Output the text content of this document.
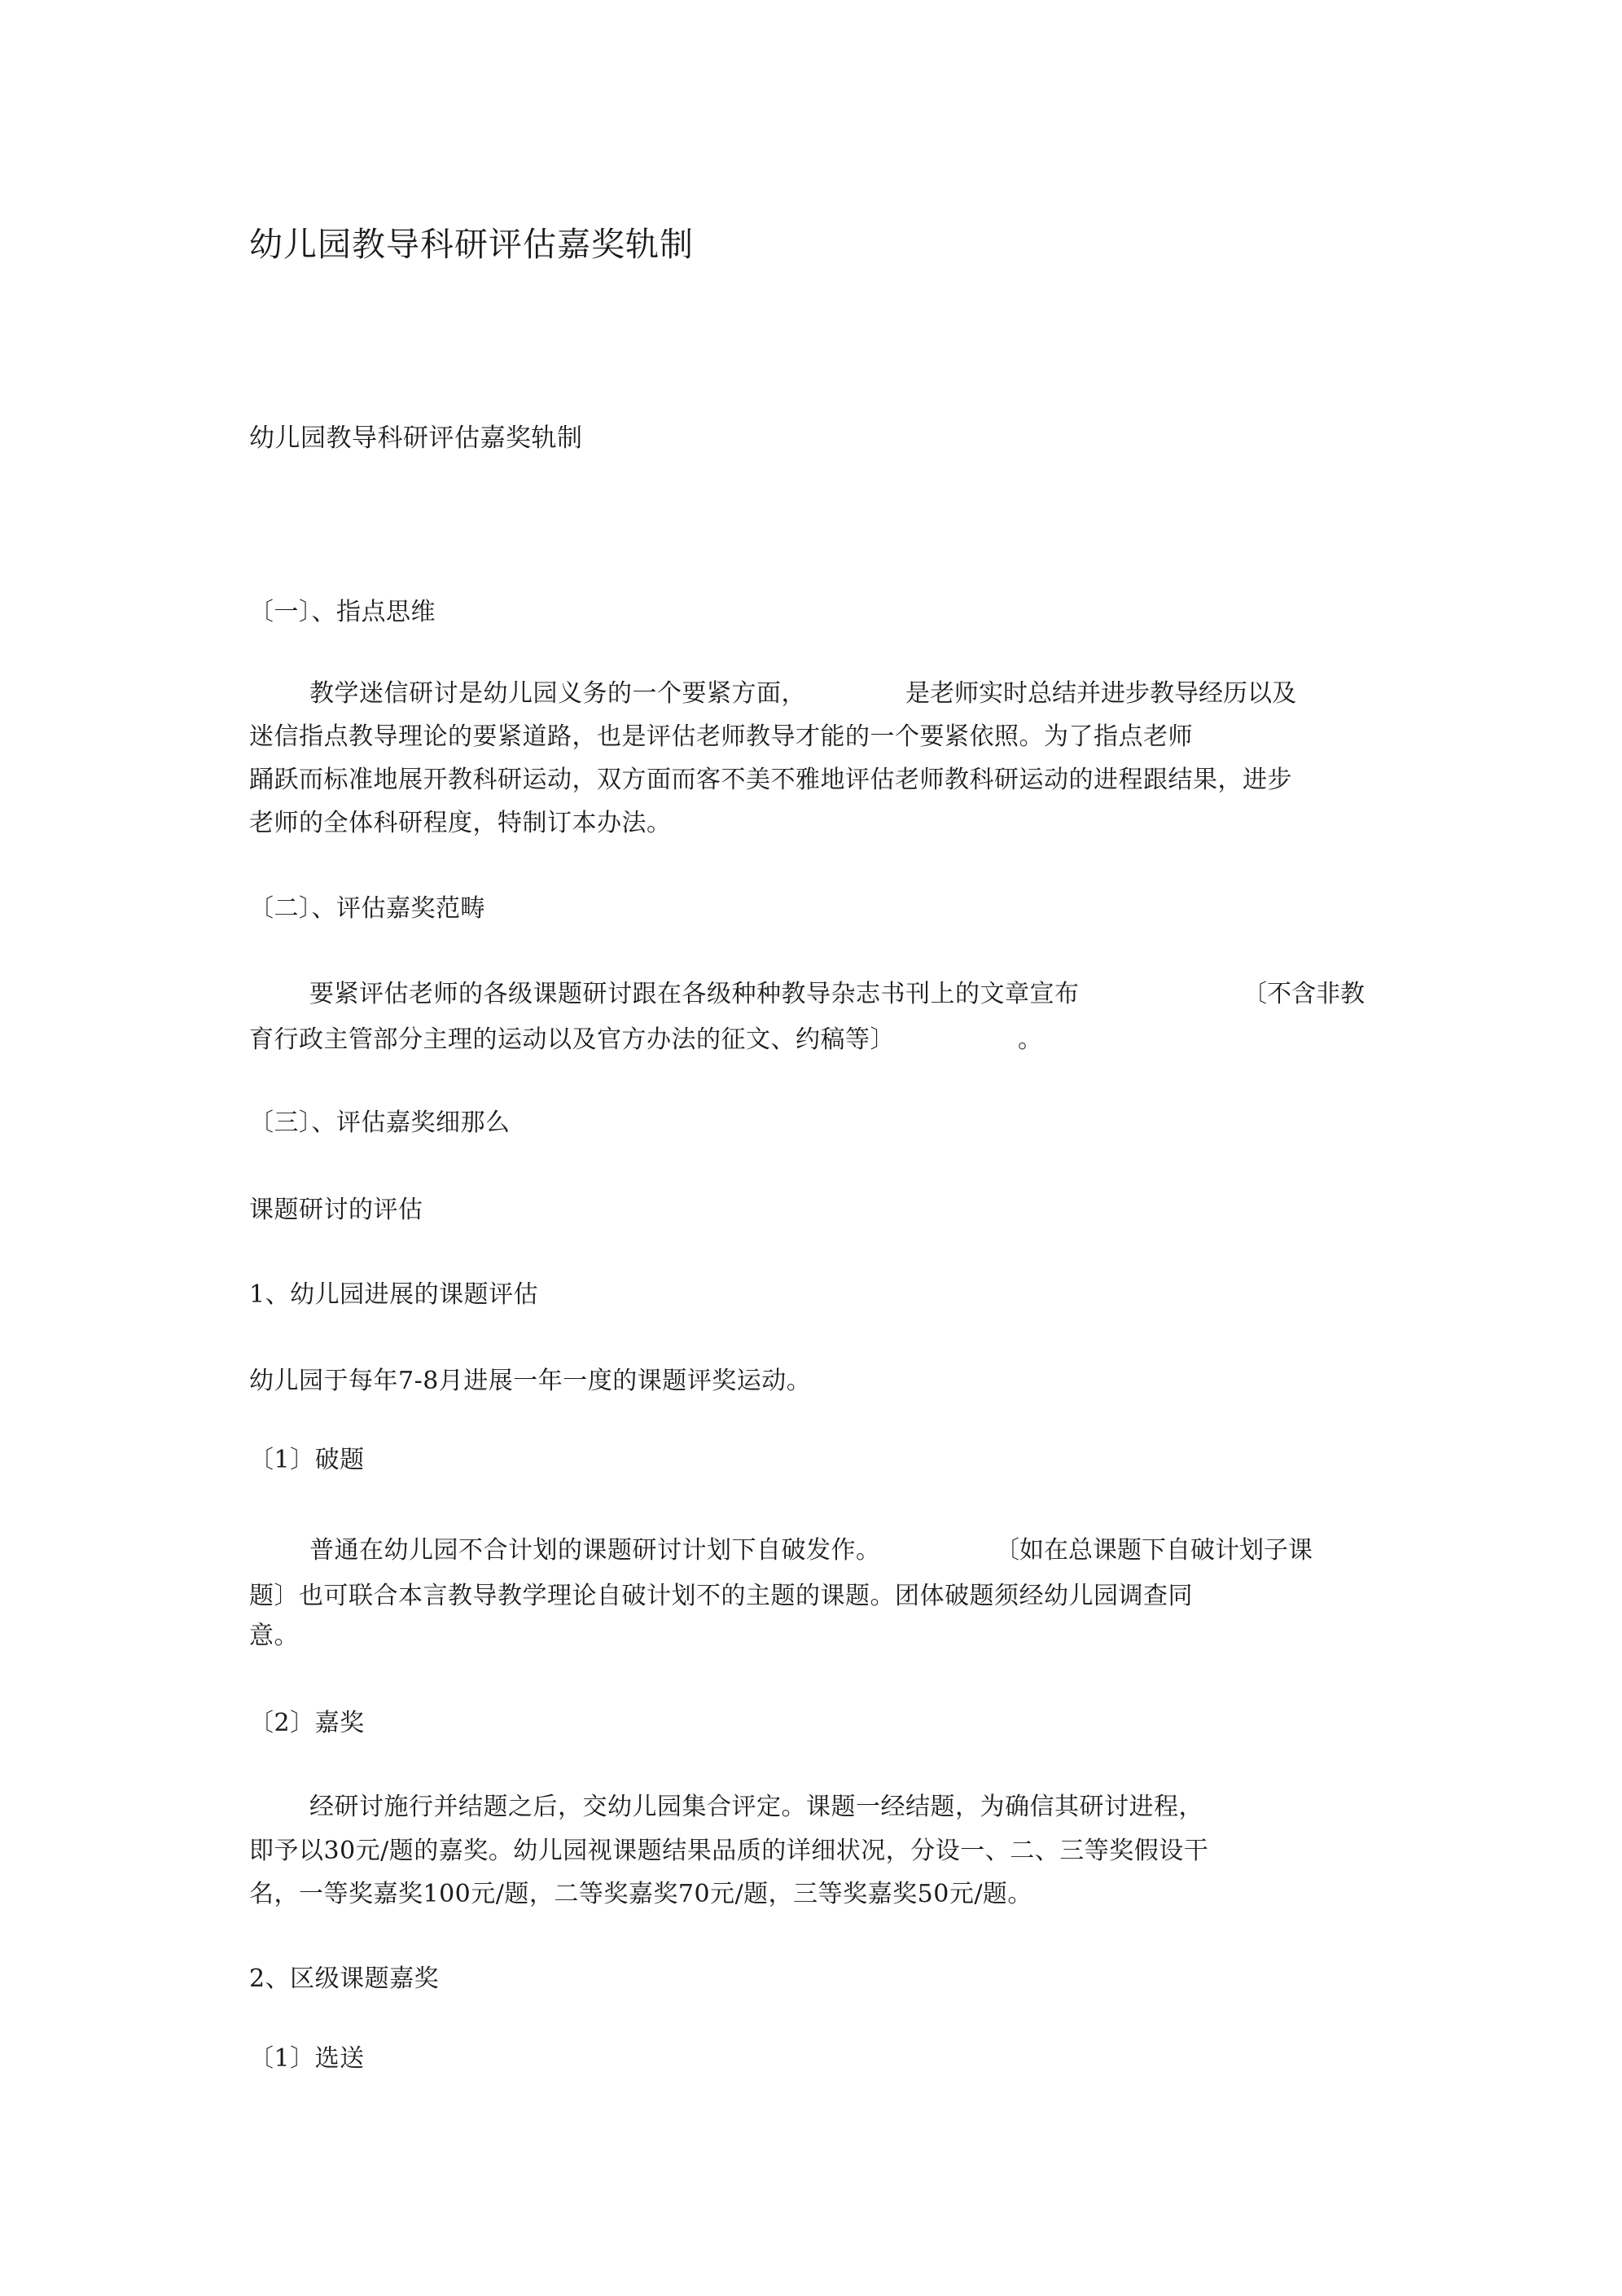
幼儿园教导科研评估嘉奖轨制
幼儿园教导科研评估嘉奖轨制
〔一〕、指点思维
教学迷信研讨是幼儿园义务的一个要紧方面，	是老师实时总结并进步教导经历以及
迷信指点教导理论的要紧道路，也是评估老师教导才能的一个要紧依照。为了指点老师
踊跃而标准地展开教科研运动，双方面而客不美不雅地评估老师教科研运动的进程跟结果，进步
老师的全体科研程度，特制订本办法。
〔二〕、评估嘉奖范畴
要紧评估老师的各级课题研讨跟在各级种种教导杂志书刊上的文章宣布	〔不含非教
育行政主管部分主理的运动以及官方办法的征文、约稿等〕	。
〔三〕、评估嘉奖细那么
课题研讨的评估
1、幼儿园进展的课题评估
幼儿园于每年7-8月进展一年一度的课题评奖运动。
〔1〕破题
普通在幼儿园不合计划的课题研讨计划下自破发作。	〔如在总课题下自破计划子课
题〕也可联合本言教导教学理论自破计划不的主题的课题。团体破题须经幼儿园调查同
意。
〔2〕嘉奖
经研讨施行并结题之后，交幼儿园集合评定。课题一经结题，为确信其研讨进程，
即予以30元/题的嘉奖。幼儿园视课题结果品质的详细状况，分设一、二、三等奖假设干
名，一等奖嘉奖100元/题，二等奖嘉奖70元/题，三等奖嘉奖50元/题。
2、区级课题嘉奖
〔1〕选送
